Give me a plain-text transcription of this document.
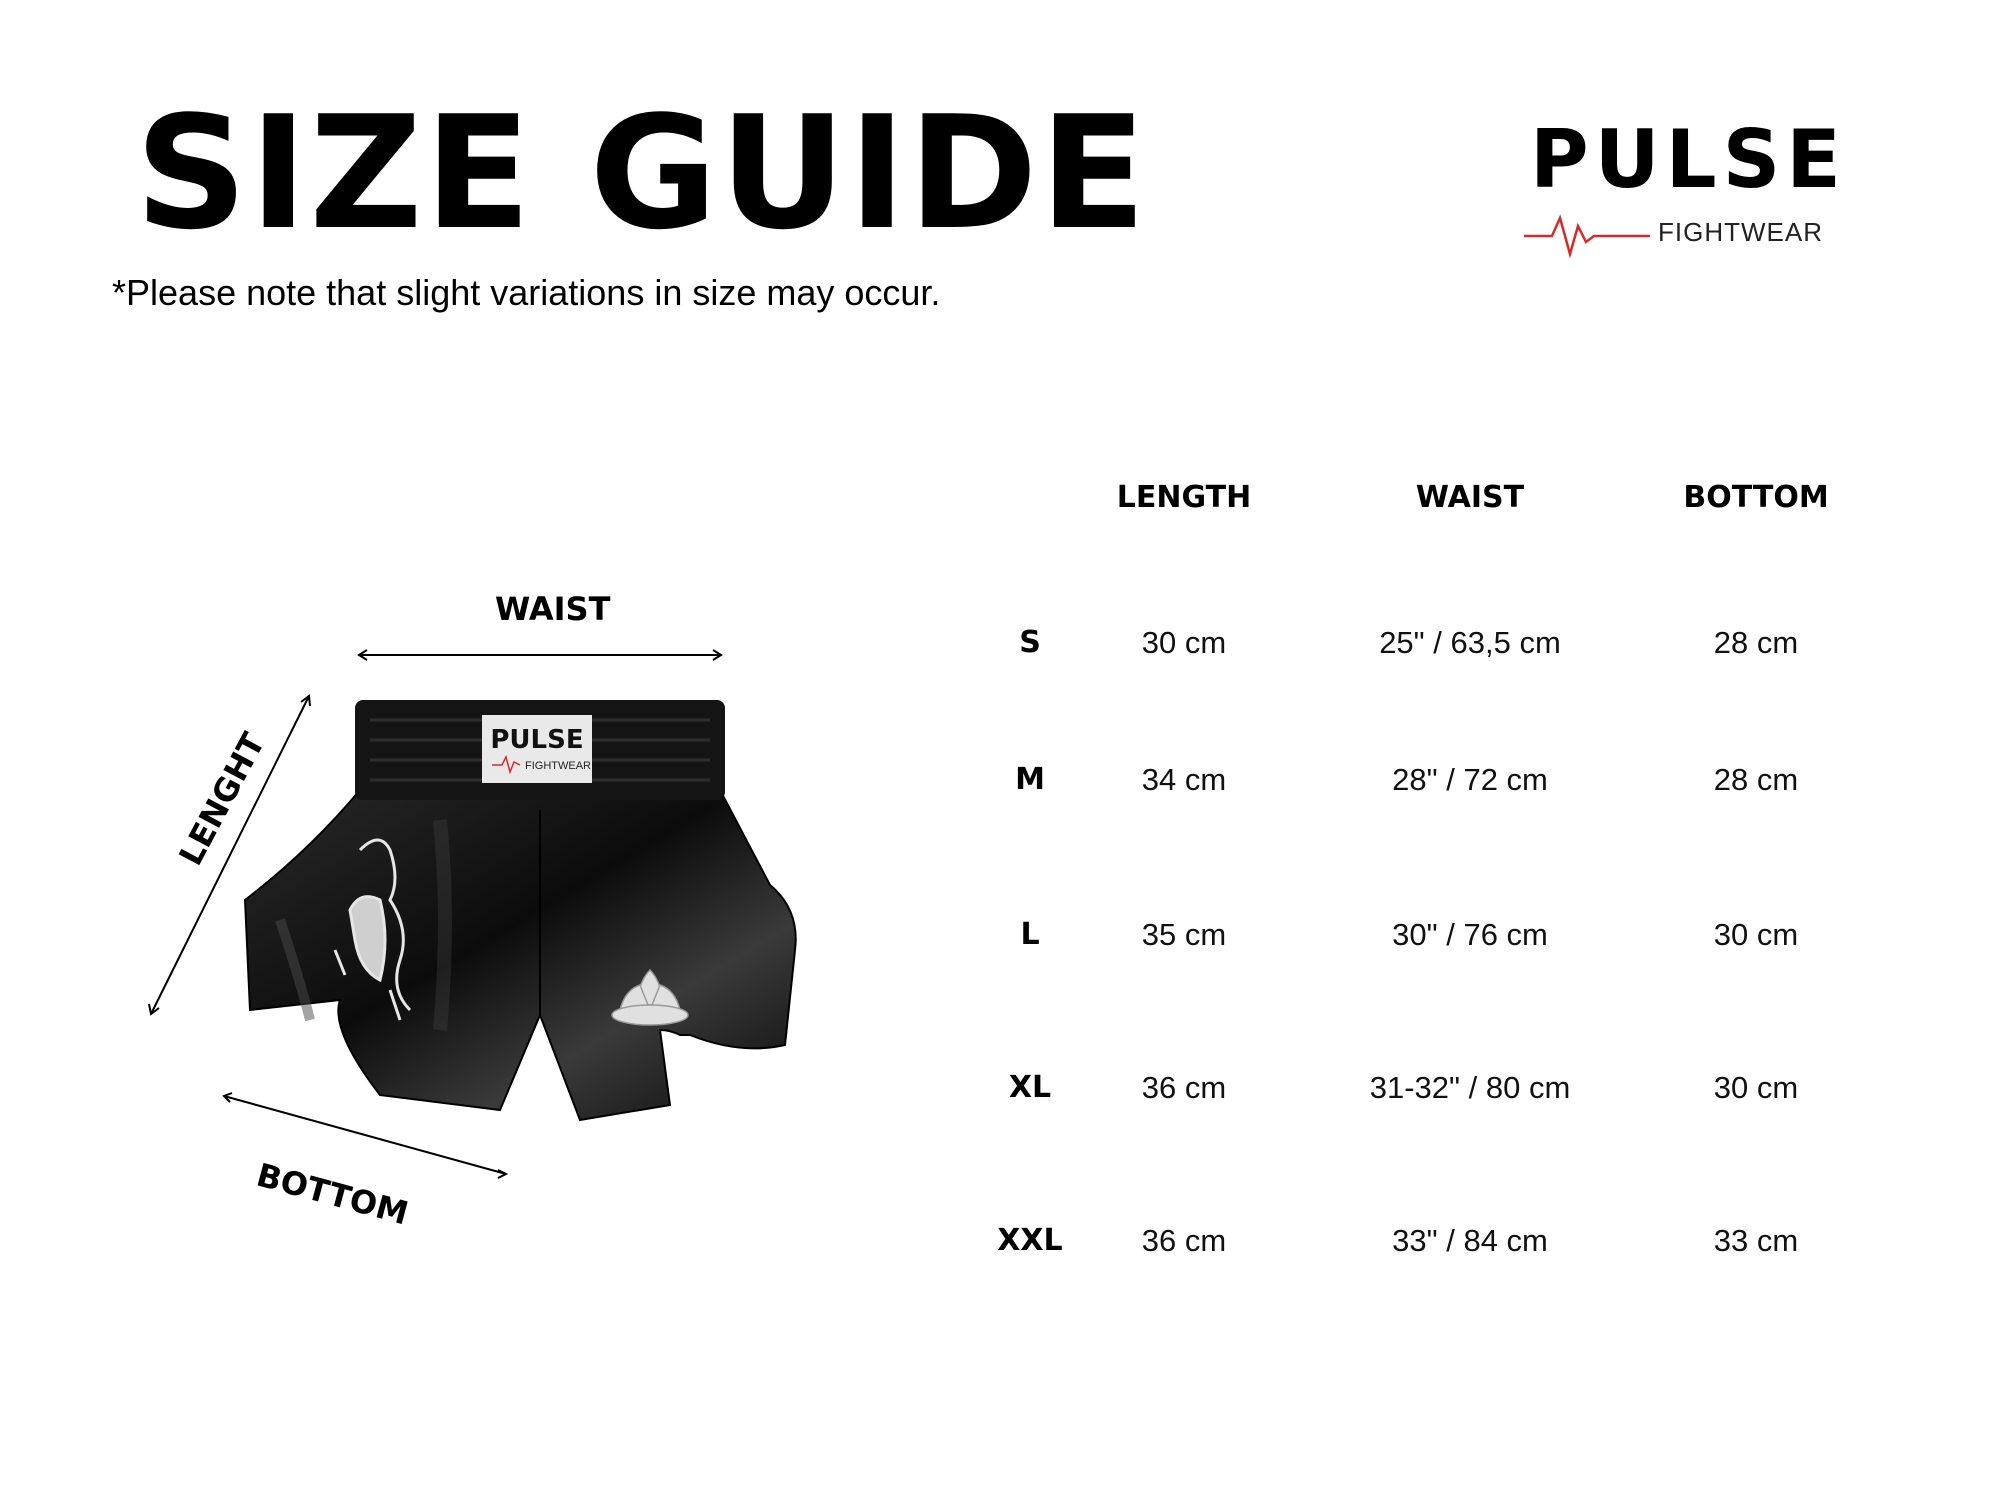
SIZE GUIDE
*Please note that slight variations in size may occur.
PULSE
FIGHTWEAR
WAIST
LENGHT
BOTTOM
PULSE
FIGHTWEAR
LENGTH	WAIST	BOTTOM
S	30 cm	25" / 63,5 cm	28 cm
M	34 cm	28" / 72 cm	28 cm
L	35 cm	30" / 76 cm	30 cm
XL	36 cm	31-32" / 80 cm	30 cm
XXL	36 cm	33" / 84 cm	33 cm
